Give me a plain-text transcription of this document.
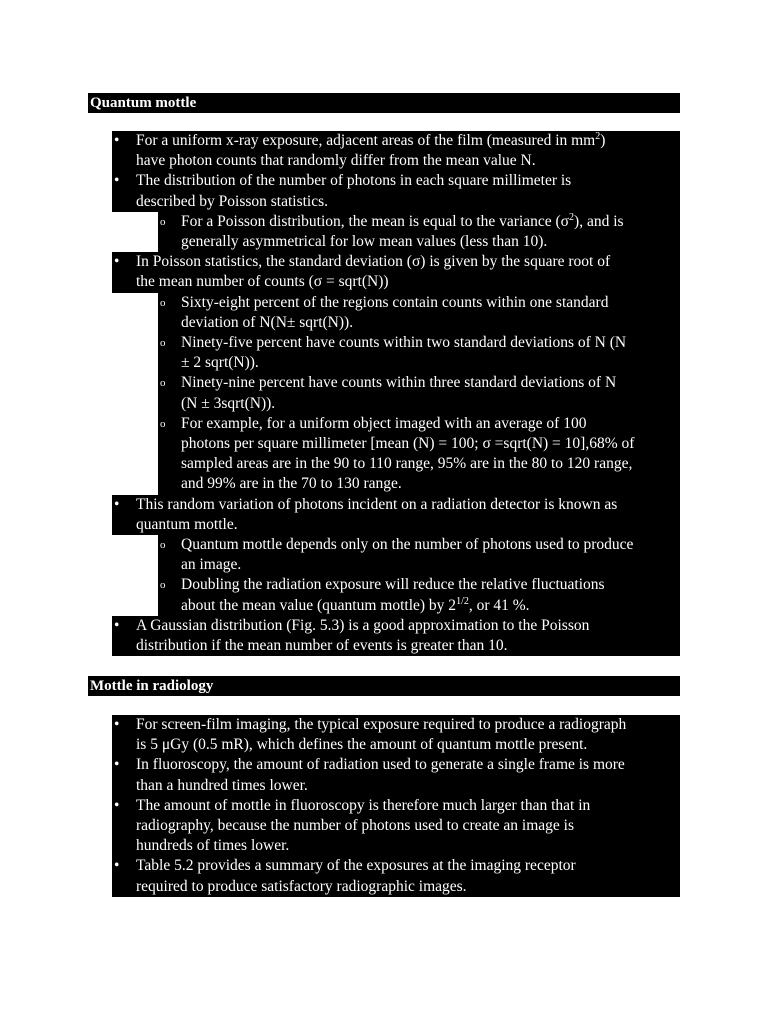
Quantum mottle
• For a uniform x-ray exposure, adjacent areas of the film (measured in $mm^2$)
have photon counts that randomly differ from the mean value N.
• The distribution of the number of photons in each square millimeter is
described by Poisson statistics.
o For a Poisson distribution, the mean is equal to the variance $(\sigma^2)$, and is
generally asymmetrical for low mean values (less than 10).
• In Poisson statistics, the standard deviation (σ) is given by the square root of
the mean number of counts (σ = sqrt(N))
o Sixty-eight percent of the regions contain counts within one standard
deviation of N(N± sqrt(N)).
o Ninety-five percent have counts within two standard deviations of N (N
± 2 sqrt(N)).
o Ninety-nine percent have counts within three standard deviations of N
(N ± 3sqrt(N)).
o For example, for a uniform object imaged with an average of 100
photons per square millimeter [mean (N) = 100; σ =sqrt(N) = 10],68% of
sampled areas are in the 90 to 110 range, 95% are in the 80 to 120 range,
and 99% are in the 70 to 130 range.
• This random variation of photons incident on a radiation detector is known as
quantum mottle.
o Quantum mottle depends only on the number of photons used to produce
an image.
o Doubling the radiation exposure will reduce the relative fluctuations
about the mean value (quantum mottle) by $2^{1/2}$, or 41 %.
• A Gaussian distribution (Fig. 5.3) is a good approximation to the Poisson
distribution if the mean number of events is greater than 10.
Mottle in radiology
• For screen-film imaging, the typical exposure required to produce a radiograph
is 5 μGy (0.5 mR), which defines the amount of quantum mottle present.
• In fluoroscopy, the amount of radiation used to generate a single frame is more
than a hundred times lower.
• The amount of mottle in fluoroscopy is therefore much larger than that in
radiography, because the number of photons used to create an image is
hundreds of times lower.
• Table 5.2 provides a summary of the exposures at the imaging receptor
required to produce satisfactory radiographic images.
